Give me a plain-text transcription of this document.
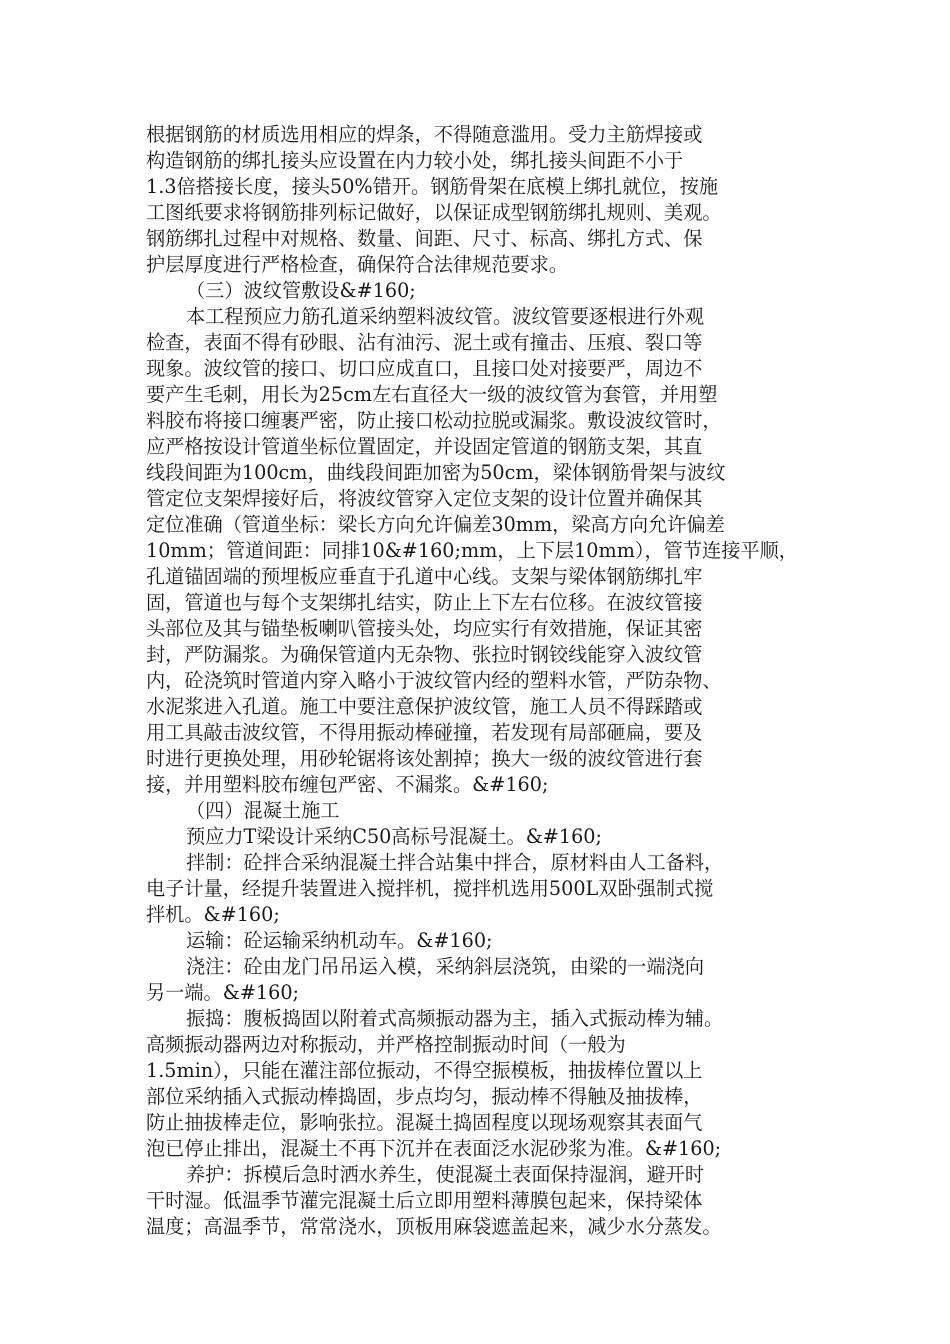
根据钢筋的材质选用相应的焊条，不得随意滥用。受力主筋焊接或
构造钢筋的绑扎接头应设置在内力较小处，绑扎接头间距不小于
1.3倍搭接长度，接头50%错开。钢筋骨架在底模上绑扎就位，按施
工图纸要求将钢筋排列标记做好，以保证成型钢筋绑扎规则、美观。
钢筋绑扎过程中对规格、数量、间距、尺寸、标高、绑扎方式、保
护层厚度进行严格检查，确保符合法律规范要求。
（三）波纹管敷设&#160;
本工程预应力筋孔道采纳塑料波纹管。波纹管要逐根进行外观
检查，表面不得有砂眼、沾有油污、泥土或有撞击、压痕、裂口等
现象。波纹管的接口、切口应成直口，且接口处对接要严，周边不
要产生毛刺，用长为25cm左右直径大一级的波纹管为套管，并用塑
料胶布将接口缠裹严密，防止接口松动拉脱或漏浆。敷设波纹管时，
应严格按设计管道坐标位置固定，并设固定管道的钢筋支架，其直
线段间距为100cm，曲线段间距加密为50cm，梁体钢筋骨架与波纹
管定位支架焊接好后，将波纹管穿入定位支架的设计位置并确保其
定位准确（管道坐标：梁长方向允许偏差30mm，梁高方向允许偏差
10mm；管道间距：同排10&#160;mm，上下层10mm），管节连接平顺，
孔道锚固端的预埋板应垂直于孔道中心线。支架与梁体钢筋绑扎牢
固，管道也与每个支架绑扎结实，防止上下左右位移。在波纹管接
头部位及其与锚垫板喇叭管接头处，均应实行有效措施，保证其密
封，严防漏浆。为确保管道内无杂物、张拉时钢铰线能穿入波纹管
内，砼浇筑时管道内穿入略小于波纹管内经的塑料水管，严防杂物、
水泥浆进入孔道。施工中要注意保护波纹管，施工人员不得踩踏或
用工具敲击波纹管，不得用振动棒碰撞，若发现有局部砸扁，要及
时进行更换处理，用砂轮锯将该处割掉；换大一级的波纹管进行套
接，并用塑料胶布缠包严密、不漏浆。&#160;
（四）混凝土施工
预应力T梁设计采纳C50高标号混凝土。&#160;
拌制：砼拌合采纳混凝土拌合站集中拌合，原材料由人工备料，
电子计量，经提升装置进入搅拌机，搅拌机选用500L双卧强制式搅
拌机。&#160;
运输：砼运输采纳机动车。&#160;
浇注：砼由龙门吊吊运入模，采纳斜层浇筑，由梁的一端浇向
另一端。&#160;
振捣：腹板捣固以附着式高频振动器为主，插入式振动棒为辅。
高频振动器两边对称振动，并严格控制振动时间（一般为
1.5min），只能在灌注部位振动，不得空振模板，抽拔棒位置以上
部位采纳插入式振动棒捣固，步点均匀，振动棒不得触及抽拔棒，
防止抽拔棒走位，影响张拉。混凝土捣固程度以现场观察其表面气
泡已停止排出，混凝土不再下沉并在表面泛水泥砂浆为准。&#160;
养护：拆模后急时洒水养生，使混凝土表面保持湿润，避开时
干时湿。低温季节灌完混凝土后立即用塑料薄膜包起来，保持梁体
温度；高温季节，常常浇水，顶板用麻袋遮盖起来，减少水分蒸发。
